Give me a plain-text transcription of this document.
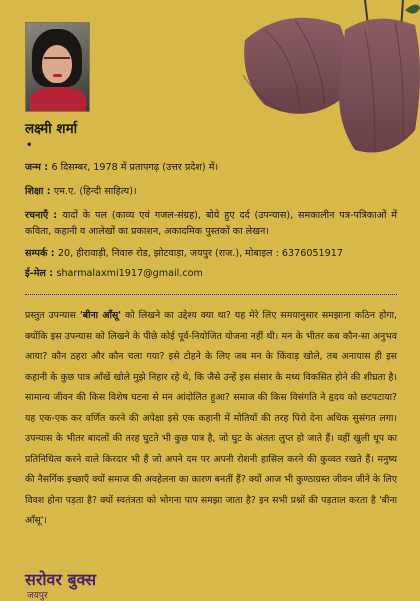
लक्ष्मी शर्मा
•
जन्म : 6 दिसम्बर, 1978 में प्रतापगढ़ (उत्तर प्रदेश) में।
शिक्षा : एम.ए. (हिन्दी साहित्य)।
रचनाएँ : यादों के पल (काव्य एवं गजल-संग्रह), बोये हुए दर्द (उपन्यास), समकालीन पत्र-पत्रिकाओं में कविता, कहानी व आलेखों का प्रकाशन, अकादमिक पुस्तकों का लेखन।
सम्पर्क : 20, हीरावाड़ी, निवारु रोड, झोटवाड़ा, जयपुर (राज.), मोबाइल : 6376051917
ई-मेल : sharmalaxmi1917@gmail.com

प्रस्तुत उपन्यास 'बीना ऑंसू' को लिखने का उद्देश्य क्या था? यह मेरे लिए समयानुसार समझाना कठिन होगा, क्योंकि इस उपन्यास को लिखने के पीछे कोई पूर्व-नियोजित योजना नहीं थी। मन के भीतर कब कौन-सा अनुभव आया? कौन ठहरा और कौन चला गया? इसे टोहने के लिए जब मन के किंवाड़ खोले, तब अनायास ही इस कहानी के कुछ पात्र आँखें खोले मुझे निहार रहे थे, कि जैसे उन्हें इस संसार के मध्य विकसित होने की शीघ्रता है। सामान्य जीवन की किस विशेष घटना से मन आंदोलित हुआ? समाज की किस विसंगति ने हृदय को छटपटाया? यह एक-एक कर वर्णित करने की अपेक्षा इसे एक कहानी में मोतियों की तरह पिरो देना अधिक सुसंगत लगा। उपन्यास के भीतर बादलों की तरह घुटते भी कुछ पात्र है, जो घुट के अंततः लुप्त हो जाते हैं। वहीं खुली धूप का प्रतिनिधित्व करने वाले किरदार भी हैं जो अपने दम पर अपनी रोशनी हासिल करने की कुव्वत रखते हैं। मनुष्य की नैसर्गिक इच्छाएँ क्यों समाज की अवहेलना का कारण बनतीं हैं? क्यों आज भी कुण्ठाग्रस्त जीवन जीने के लिए विवश होना पड़ता है? क्यों स्वतंत्रता को भोगना पाप समझा जाता है? इन सभी प्रश्नों की पड़ताल करता है 'बीना ऑंसू'।

सरोवर बुक्स
जयपुर
